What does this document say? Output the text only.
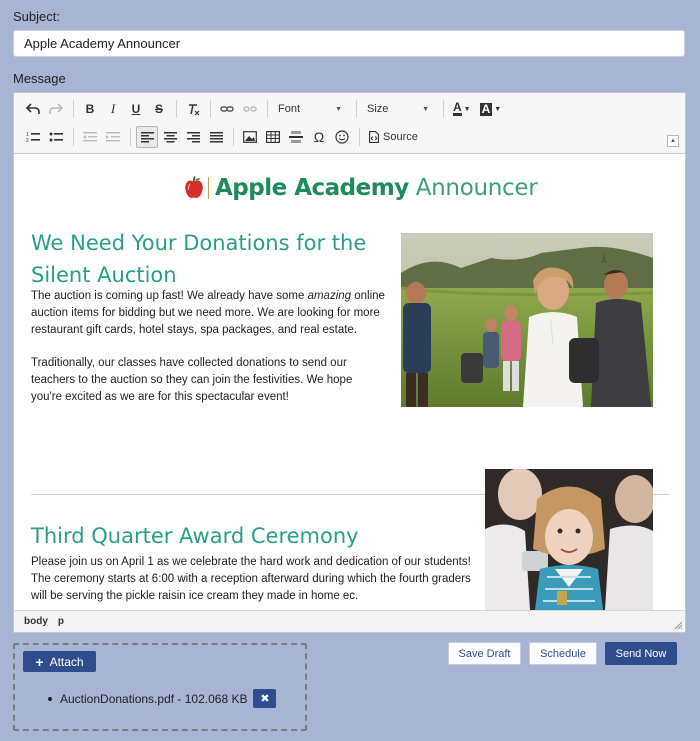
Subject:
Apple Academy Announcer
Message
B	I	U	S	Font	▼ Size	▼ A ▼ A ▼
1
2	Ω	Source	▲
Apple Academy Announcer
We Need Your Donations for the
Silent Auction
The auction is coming up fast! We already have some amazing online auction items for bidding but we need more. We are looking for more restaurant gift cards, hotel stays, spa packages, and real estate.
Traditionally, our classes have collected donations to send our teachers to the auction so they can join the festivities. We hope you're excited as we are for this spectacular event!
Third Quarter Award Ceremony
Please join us on April 1 as we celebrate the hard work and dedication of our students! The ceremony starts at 6:00 with a reception afterward during which the fourth graders will be serving the pickle raisin ice cream they made in home ec.
body p
+ Attach
AuctionDonations.pdf - 102.068 KB ✖
Save Draft	Schedule	Send Now
